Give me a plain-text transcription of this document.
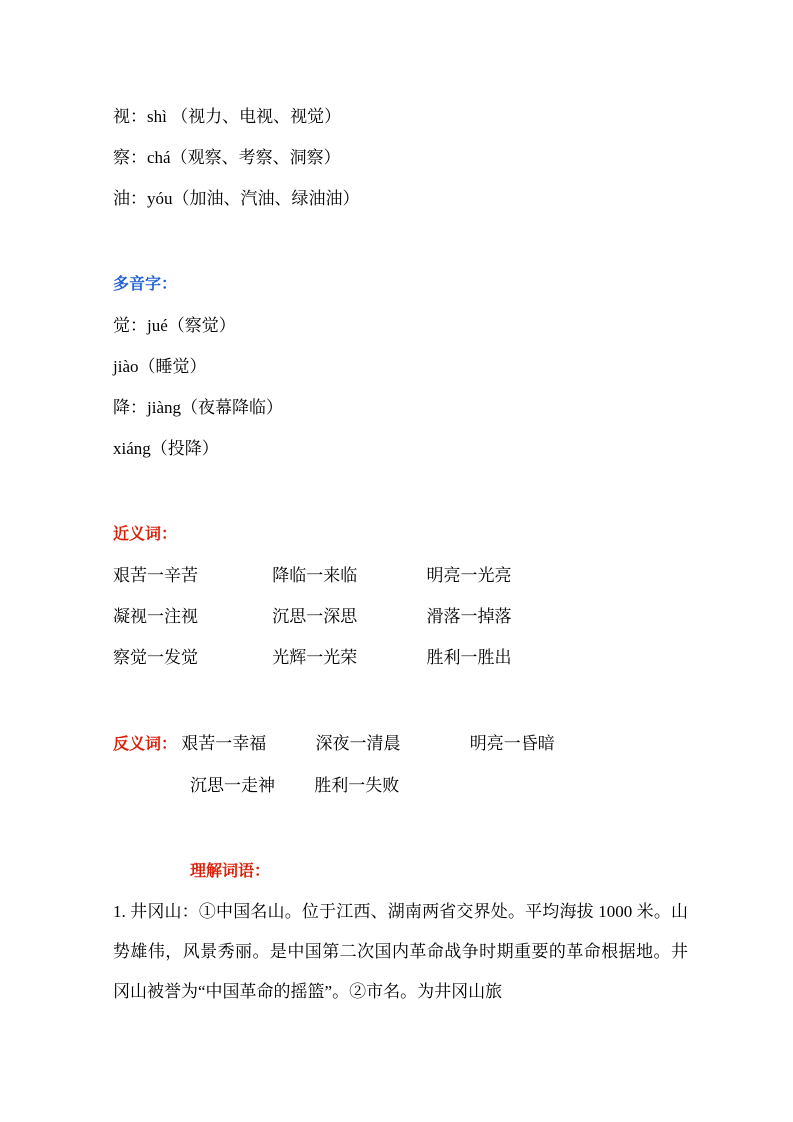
视：shì （视力、电视、视觉）
察：chá（观察、考察、洞察）
油：yóu（加油、汽油、绿油油）
多音字：
觉：jué（察觉）
jiào（睡觉）
降：jiàng（夜幕降临）
xiáng（投降）
近义词：
艰苦一辛苦	降临一来临	明亮一光亮
凝视一注视	沉思一深思	滑落一掉落
察觉一发觉	光辉一光荣	胜利一胜出
反义词： 艰苦一幸福	深夜一清晨	明亮一昏暗
沉思一走神 胜利一失败
理解词语：
1. 井冈山：①中国名山。位于江西、湖南两省交界处。平均海拔 1000 米。山势雄伟，风景秀丽。是中国第二次国内革命战争时期重要的革命根据地。井冈山被誉为“中国革命的摇篮”。②市名。为井冈山旅
